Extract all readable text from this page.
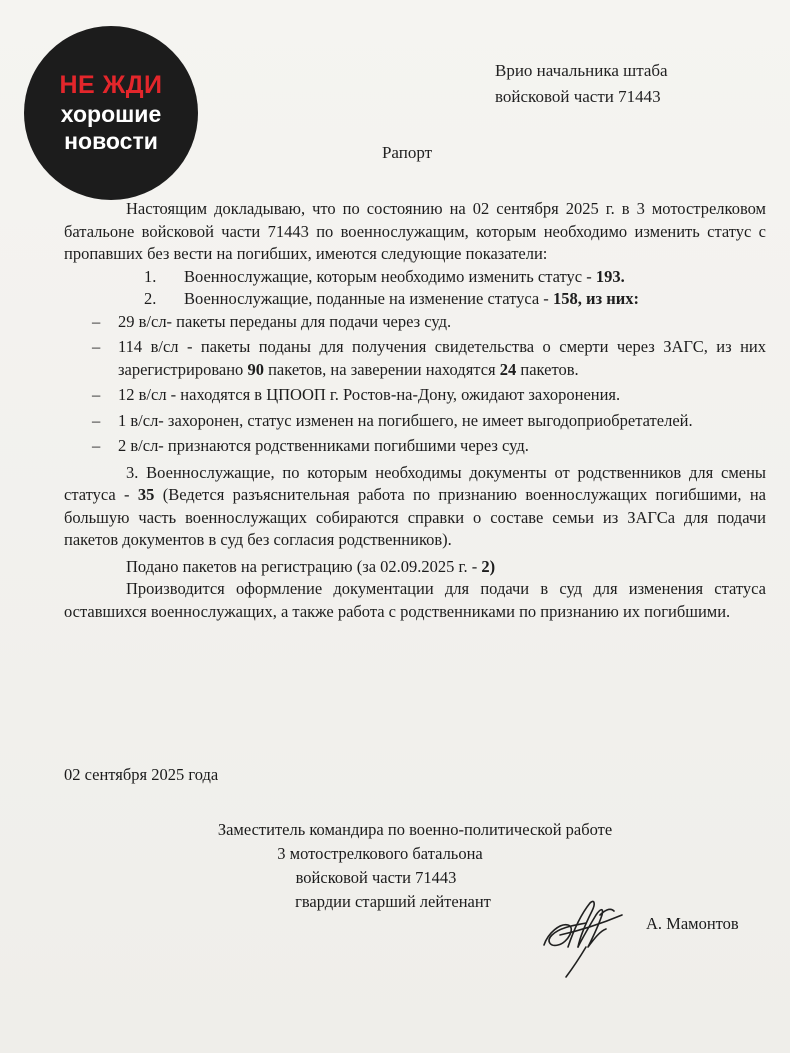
НЕ ЖДИ
хорошие
новости
Врио начальника штаба
войсковой части 71443
Рапорт

Настоящим докладываю, что по состоянию на 02 сентября 2025 г. в 3 мотострелковом батальоне войсковой части 71443 по военнослужащим, которым необходимо изменить статус с пропавших без вести на погибших, имеются следующие показатели:

1. Военнослужащие, которым необходимо изменить статус - 193.

2. Военнослужащие, поданные на изменение статуса - 158, из них:

– 29 в/сл- пакеты переданы для подачи через суд.

– 114 в/сл - пакеты поданы для получения свидетельства о смерти через ЗАГС, из них зарегистрировано 90 пакетов, на заверении находятся 24 пакетов.

– 12 в/сл - находятся в ЦПООП г. Ростов-на-Дону, ожидают захоронения.

– 1 в/сл- захоронен, статус изменен на погибшего, не имеет выгодоприобретателей.

– 2 в/сл- признаются родственниками погибшими через суд.

3. Военнослужащие, по которым необходимы документы от родственников для смены статуса - 35 (Ведется разъяснительная работа по признанию военнослужащих погибшими, на большую часть военнослужащих собираются справки о составе семьи из ЗАГСа для подачи пакетов документов в суд без согласия родственников).

Подано пакетов на регистрацию (за 02.09.2025 г. - 2)

Производится оформление документации для подачи в суд для изменения статуса оставшихся военнослужащих, а также работа с родственниками по признанию их погибшими.

02 сентября 2025 года
Заместитель командира по военно-политической работе
3 мотострелкового батальона
войсковой части 71443
гвардии старший лейтенант
А. Мамонтов
